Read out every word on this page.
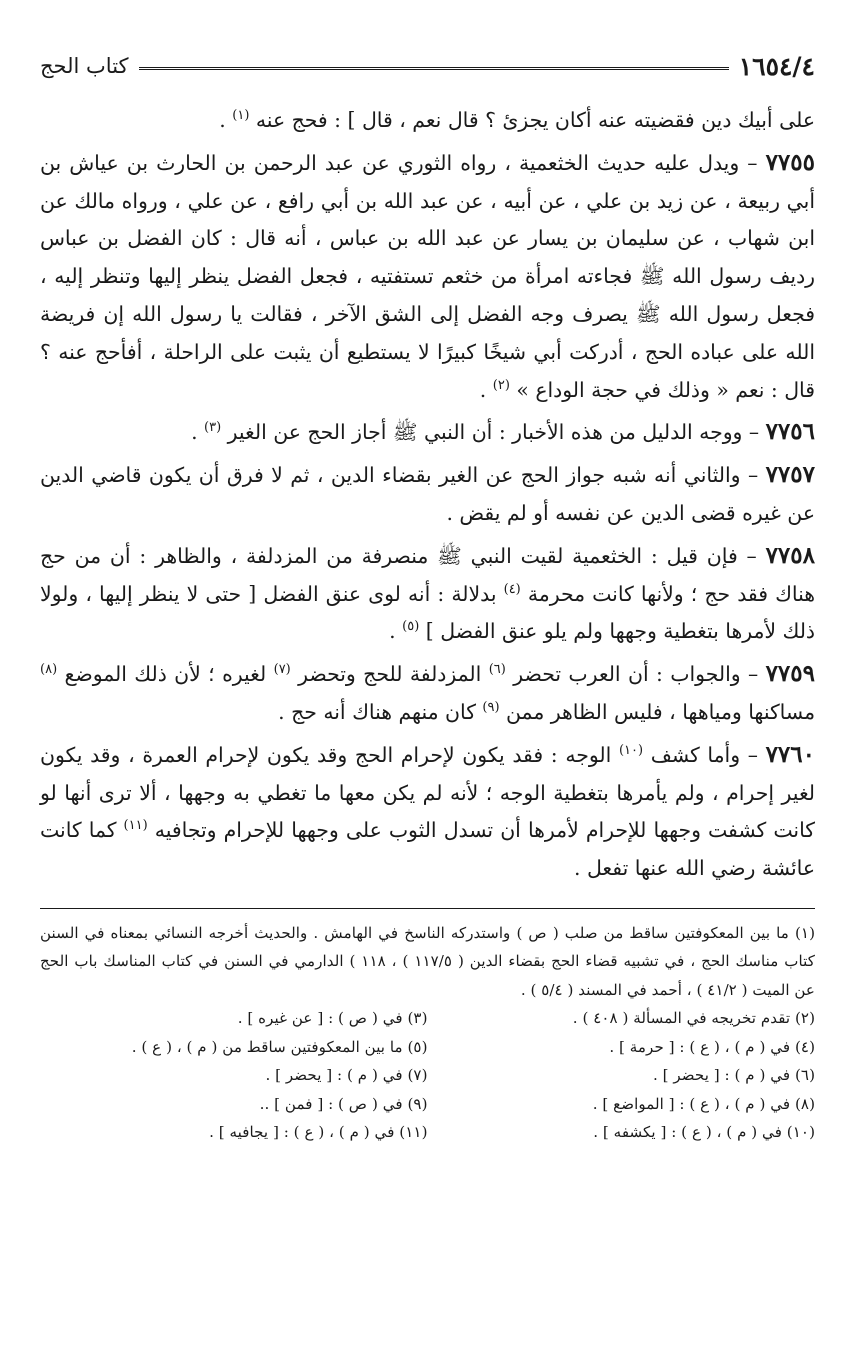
١٦٥٤/٤
كتاب الحج

على أبيك دين فقضيته عنه أكان يجزئ ؟ قال نعم ، قال ] : فحج عنه $^{(١)}$ .

٧٧٥٥ – ويدل عليه حديث الخثعمية ، رواه الثوري عن عبد الرحمن بن الحارث بن عياش بن أبي ربيعة ، عن زيد بن علي ، عن أبيه ، عن عبد الله بن أبي رافع ، عن علي ، ورواه مالك عن ابن شهاب ، عن سليمان بن يسار عن عبد الله بن عباس ، أنه قال : كان الفضل بن عباس رديف رسول الله ﷺ فجاءته امرأة من خثعم تستفتيه ، فجعل الفضل ينظر إليها وتنظر إليه ، فجعل رسول الله ﷺ يصرف وجه الفضل إلى الشق الآخر ، فقالت يا رسول الله إن فريضة الله على عباده الحج ، أدركت أبي شيخًا كبيرًا لا يستطيع أن يثبت على الراحلة ، أفأحج عنه ؟ قال : نعم « وذلك في حجة الوداع » $^{(٢)}$ .

٧٧٥٦ – ووجه الدليل من هذه الأخبار : أن النبي ﷺ أجاز الحج عن الغير $^{(٣)}$ .

٧٧٥٧ – والثاني أنه شبه جواز الحج عن الغير بقضاء الدين ، ثم لا فرق أن يكون قاضي الدين عن غيره قضى الدين عن نفسه أو لم يقض .

٧٧٥٨ – فإن قيل : الخثعمية لقيت النبي ﷺ منصرفة من المزدلفة ، والظاهر : أن من حج هناك فقد حج ؛ ولأنها كانت محرمة $^{(٤)}$ بدلالة : أنه لوى عنق الفضل [ حتى لا ينظر إليها ، ولولا ذلك لأمرها بتغطية وجهها ولم يلو عنق الفضل ] $^{(٥)}$ .

٧٧٥٩ – والجواب : أن العرب تحضر $^{(٦)}$ المزدلفة للحج وتحضر $^{(٧)}$ لغيره ؛ لأن ذلك الموضع $^{(٨)}$ مساكنها ومياهها ، فليس الظاهر ممن $^{(٩)}$ كان منهم هناك أنه حج .

٧٧٦٠ – وأما كشف $^{(١٠)}$ الوجه : فقد يكون لإحرام الحج وقد يكون لإحرام العمرة ، وقد يكون لغير إحرام ، ولم يأمرها بتغطية الوجه ؛ لأنه لم يكن معها ما تغطي به وجهها ، ألا ترى أنها لو كانت كشفت وجهها للإحرام لأمرها أن تسدل الثوب على وجهها للإحرام وتجافيه $^{(١١)}$ كما كانت عائشة رضي الله عنها تفعل .

(١) ما بين المعكوفتين ساقط من صلب ( ص ) واستدركه الناسخ في الهامش . والحديث أخرجه النسائي بمعناه في السنن كتاب مناسك الحج ، في تشبيه قضاء الحج بقضاء الدين ( ١١٧/٥ ) ، ١١٨ ) الدارمي في السنن في كتاب المناسك باب الحج عن الميت ( ٤١/٢ ) ، أحمد في المسند ( ٥/٤ ) .

(٢) تقدم تخريجه في المسألة ( ٤٠٨ ) .
(٣) في ( ص ) : [ عن غيره ] .
(٤) في ( م ) ، ( ع ) : [ حرمة ] .
(٥) ما بين المعكوفتين ساقط من ( م ) ، ( ع ) .
(٦) في ( م ) : [ يحضر ] .
(٧) في ( م ) : [ يحضر ] .
(٨) في ( م ) ، ( ع ) : [ المواضع ] .
(٩) في ( ص ) : [ فمن ] ..
(١٠) في ( م ) ، ( ع ) : [ يكشفه ] .
(١١) في ( م ) ، ( ع ) : [ يجافيه ] .
